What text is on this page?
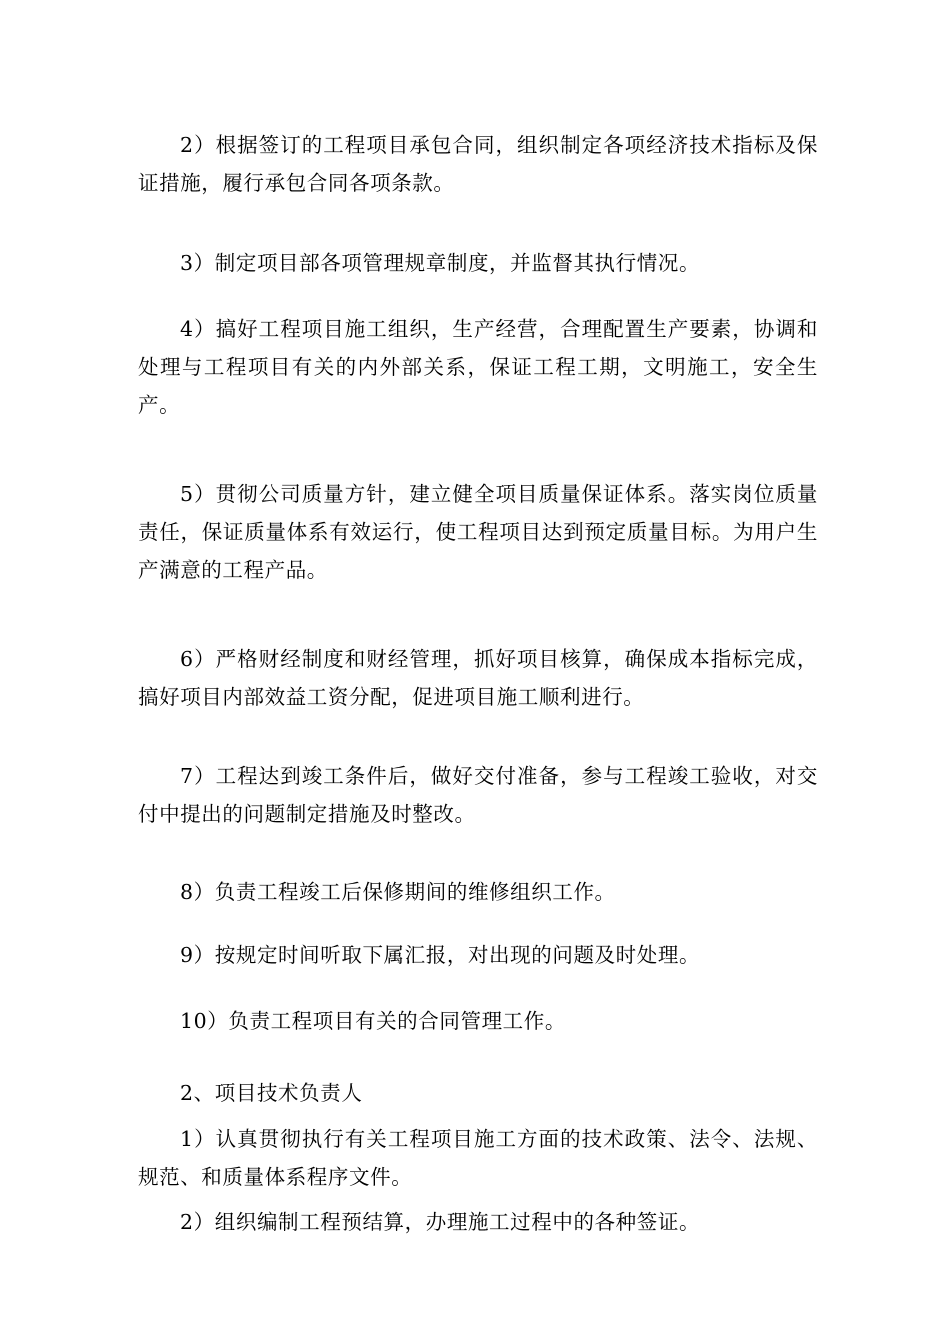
2）根据签订的工程项目承包合同，组织制定各项经济技术指标及保证措施，履行承包合同各项条款。

3）制定项目部各项管理规章制度，并监督其执行情况。

4）搞好工程项目施工组织，生产经营，合理配置生产要素，协调和处理与工程项目有关的内外部关系，保证工程工期，文明施工，安全生产。

5）贯彻公司质量方针，建立健全项目质量保证体系。落实岗位质量责任，保证质量体系有效运行，使工程项目达到预定质量目标。为用户生产满意的工程产品。

6）严格财经制度和财经管理，抓好项目核算，确保成本指标完成，搞好项目内部效益工资分配，促进项目施工顺利进行。

7）工程达到竣工条件后，做好交付准备，参与工程竣工验收，对交付中提出的问题制定措施及时整改。

8）负责工程竣工后保修期间的维修组织工作。

9）按规定时间听取下属汇报，对出现的问题及时处理。

10）负责工程项目有关的合同管理工作。

2、项目技术负责人

1）认真贯彻执行有关工程项目施工方面的技术政策、法令、法规、规范、和质量体系程序文件。

2）组织编制工程预结算，办理施工过程中的各种签证。
